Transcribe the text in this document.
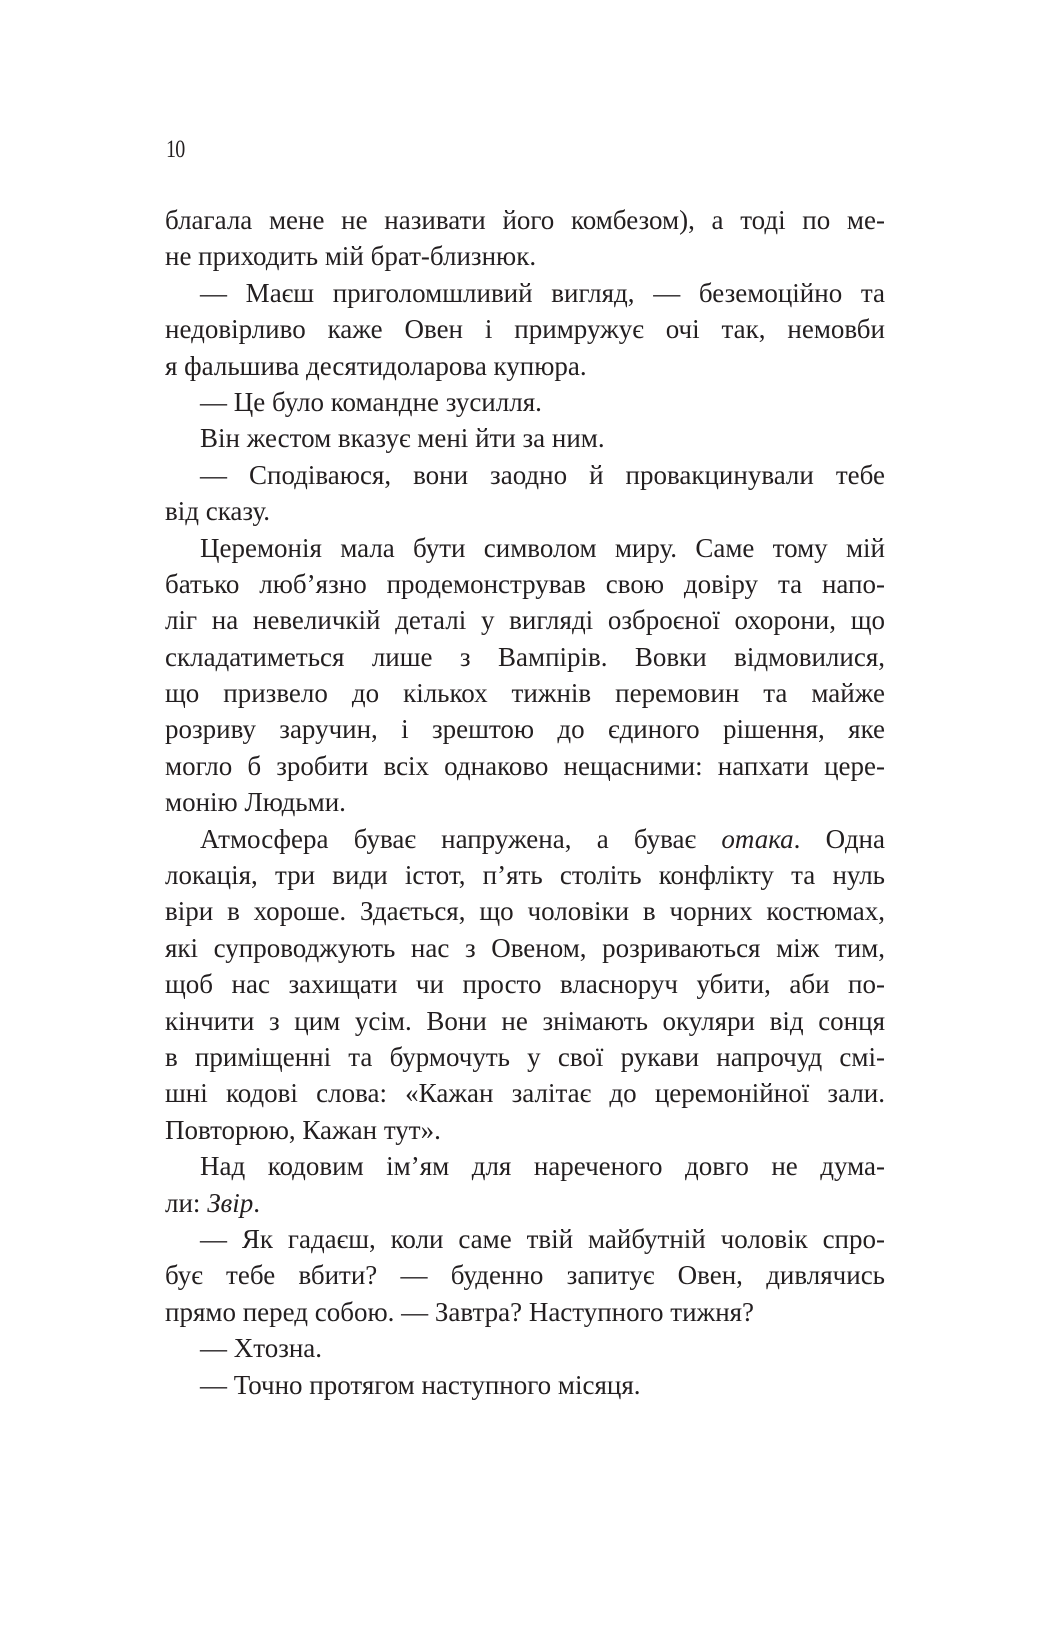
10
благала мене не називати його комбезом), а тоді по ме-
не приходить мій брат-близнюк.
— Маєш приголомшливий вигляд, — беземоційно та
недовірливо каже Овен і примружує очі так, немовби
я фальшива десятидоларова купюра.
— Це було командне зусилля.
Він жестом вказує мені йти за ним.
— Сподіваюся, вони заодно й провакцинували тебе
від сказу.
Церемонія мала бути символом миру. Саме тому мій
батько люб’язно продемонстрував свою довіру та напо-
ліг на невеличкій деталі у вигляді озброєної охорони, що
складатиметься лише з Вампірів. Вовки відмовилися,
що призвело до кількох тижнів перемовин та майже
розриву заручин, і зрештою до єдиного рішення, яке
могло б зробити всіх однаково нещасними: напхати цере-
монію Людьми.
Атмосфера буває напружена, а буває отака. Одна
локація, три види істот, п’ять століть конфлікту та нуль
віри в хороше. Здається, що чоловіки в чорних костюмах,
які супроводжують нас з Овеном, розриваються між тим,
щоб нас захищати чи просто власноруч убити, аби по-
кінчити з цим усім. Вони не знімають окуляри від сонця
в приміщенні та бурмочуть у свої рукави напрочуд смі-
шні кодові слова: «Кажан залітає до церемонійної зали.
Повторюю, Кажан тут».
Над кодовим ім’ям для нареченого довго не дума-
ли: Звір.
— Як гадаєш, коли саме твій майбутній чоловік спро-
бує тебе вбити? — буденно запитує Овен, дивлячись
прямо перед собою. — Завтра? Наступного тижня?
— Хтозна.
— Точно протягом наступного місяця.
